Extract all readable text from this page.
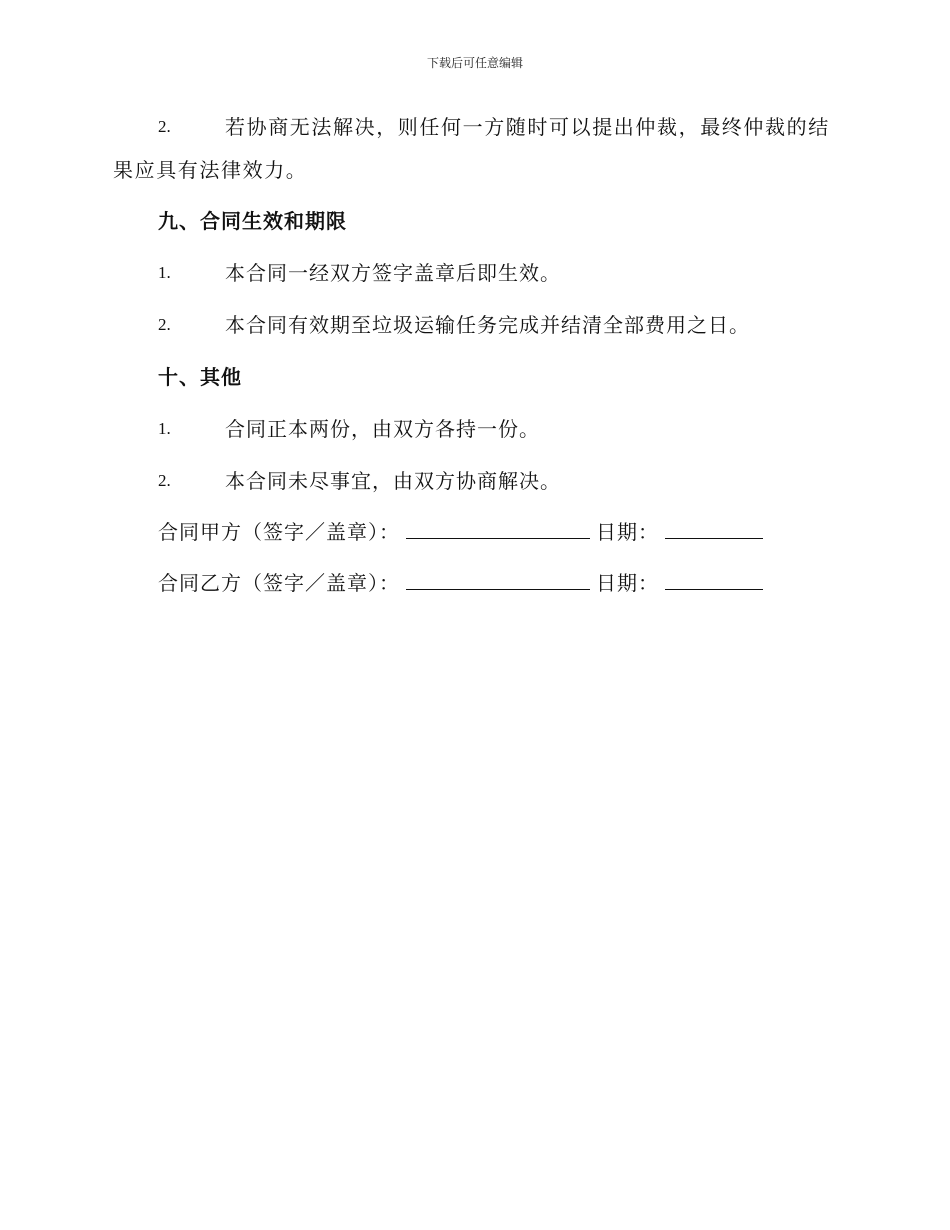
下载后可任意编辑
2.	若协商无法解决，则任何一方随时可以提出仲裁，最终仲裁的结
果应具有法律效力。
九、合同生效和期限
1.	本合同一经双方签字盖章后即生效。
2.	本合同有效期至垃圾运输任务完成并结清全部费用之日。
十、其他
1.	合同正本两份，由双方各持一份。
2.	本合同未尽事宜，由双方协商解决。
合同甲方（签字／盖章）：	日期：
合同乙方（签字／盖章）：	日期：
